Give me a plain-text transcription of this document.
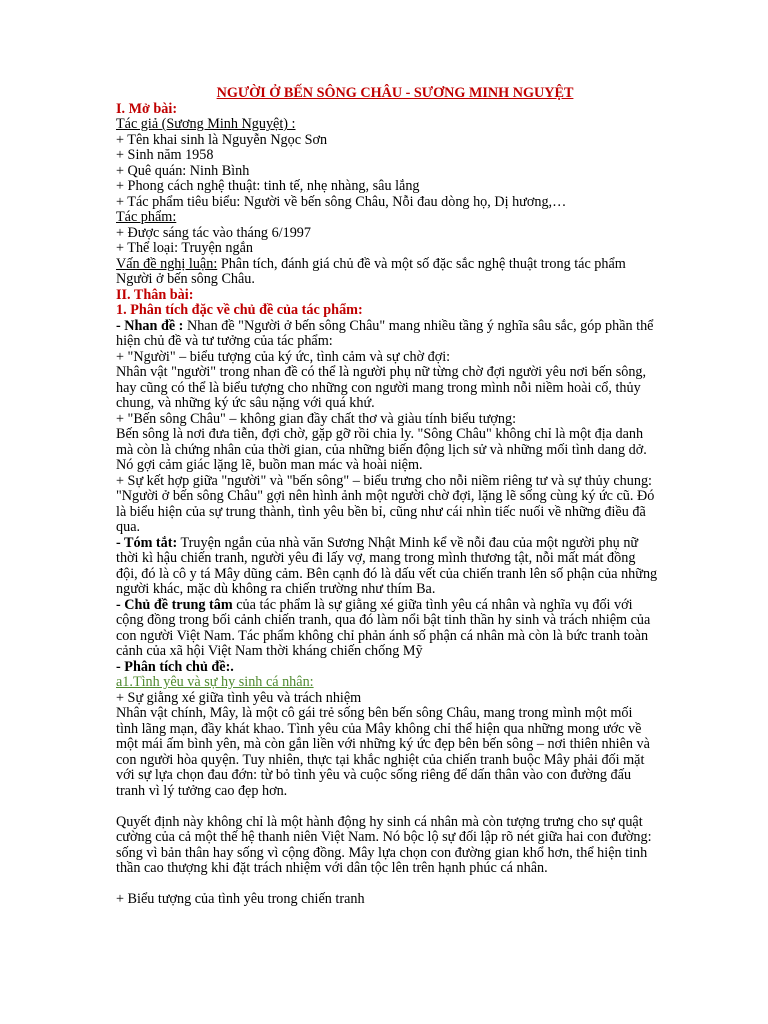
NGƯỜI Ở BẾN SÔNG CHÂU - SƯƠNG MINH NGUYỆT

I. Mở bài:

Tác giả (Sương Minh Nguyệt) :

+ Tên khai sinh là Nguyễn Ngọc Sơn

+ Sinh năm 1958

+ Quê quán: Ninh Bình

+ Phong cách nghệ thuật: tinh tế, nhẹ nhàng, sâu lắng

+ Tác phẩm tiêu biểu: Người về bến sông Châu, Nỗi đau dòng họ, Dị hương,…

Tác phẩm:

+ Được sáng tác vào tháng 6/1997

+ Thể loại: Truyện ngắn

Vấn đề nghị luận: Phân tích, đánh giá chủ đề và một số đặc sắc nghệ thuật trong tác phẩm Người ở bến sông Châu.

II. Thân bài:

1. Phân tích đặc về chủ đề của tác phẩm:

- Nhan đề : Nhan đề "Người ở bến sông Châu" mang nhiều tầng ý nghĩa sâu sắc, góp phần thể hiện chủ đề và tư tưởng của tác phẩm:

+ "Người" – biểu tượng của ký ức, tình cảm và sự chờ đợi:

Nhân vật "người" trong nhan đề có thể là người phụ nữ từng chờ đợi người yêu nơi bến sông, hay cũng có thể là biểu tượng cho những con người mang trong mình nỗi niềm hoài cổ, thủy chung, và những ký ức sâu nặng với quá khứ.

+ "Bến sông Châu" – không gian đầy chất thơ và giàu tính biểu tượng:

Bến sông là nơi đưa tiễn, đợi chờ, gặp gỡ rồi chia ly. "Sông Châu" không chỉ là một địa danh mà còn là chứng nhân của thời gian, của những biến động lịch sử và những mối tình dang dở. Nó gợi cảm giác lặng lẽ, buồn man mác và hoài niệm.

+ Sự kết hợp giữa "người" và "bến sông" – biểu trưng cho nỗi niềm riêng tư và sự thủy chung:

"Người ở bến sông Châu" gợi nên hình ảnh một người chờ đợi, lặng lẽ sống cùng ký ức cũ. Đó là biểu hiện của sự trung thành, tình yêu bền bỉ, cũng như cái nhìn tiếc nuối về những điều đã qua.

- Tóm tắt: Truyện ngắn của nhà văn Sương Nhật Minh kể về nỗi đau của một người phụ nữ thời kì hậu chiến tranh, người yêu đi lấy vợ, mang trong mình thương tật, nỗi mất mát đồng đội, đó là cô y tá Mây dũng cảm. Bên cạnh đó là dấu vết của chiến tranh lên số phận của những người khác, mặc dù không ra chiến trường như thím Ba.

- Chủ đề trung tâm của tác phẩm là sự giằng xé giữa tình yêu cá nhân và nghĩa vụ đối với cộng đồng trong bối cảnh chiến tranh, qua đó làm nổi bật tinh thần hy sinh và trách nhiệm của con người Việt Nam. Tác phẩm không chỉ phản ánh số phận cá nhân mà còn là bức tranh toàn cảnh của xã hội Việt Nam thời kháng chiến chống Mỹ

- Phân tích chủ đề:.

a1.Tình yêu và sự hy sinh cá nhân:

+ Sự giằng xé giữa tình yêu và trách nhiệm

Nhân vật chính, Mây, là một cô gái trẻ sống bên bến sông Châu, mang trong mình một mối tình lãng mạn, đầy khát khao. Tình yêu của Mây không chỉ thể hiện qua những mong ước về một mái ấm bình yên, mà còn gắn liền với những ký ức đẹp bên bến sông – nơi thiên nhiên và con người hòa quyện. Tuy nhiên, thực tại khắc nghiệt của chiến tranh buộc Mây phải đối mặt với sự lựa chọn đau đớn: từ bỏ tình yêu và cuộc sống riêng để dấn thân vào con đường đấu tranh vì lý tưởng cao đẹp hơn.

Quyết định này không chỉ là một hành động hy sinh cá nhân mà còn tượng trưng cho sự quật cường của cả một thế hệ thanh niên Việt Nam. Nó bộc lộ sự đối lập rõ nét giữa hai con đường: sống vì bản thân hay sống vì cộng đồng. Mây lựa chọn con đường gian khổ hơn, thể hiện tinh thần cao thượng khi đặt trách nhiệm với dân tộc lên trên hạnh phúc cá nhân.

+ Biểu tượng của tình yêu trong chiến tranh
